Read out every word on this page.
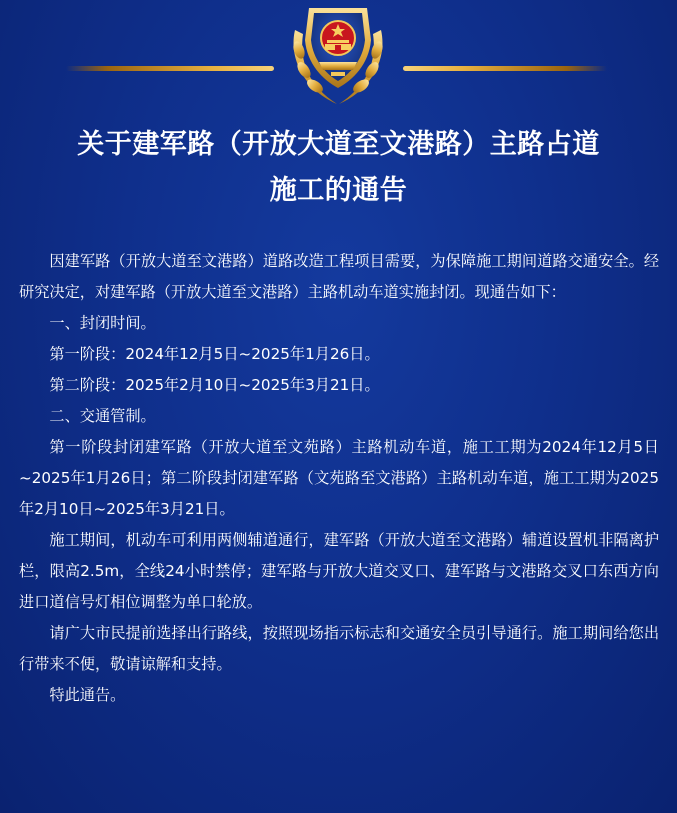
关于建军路（开放大道至文港路）主路占道
施工的通告

因建军路（开放大道至文港路）道路改造工程项目需要，为保障施工期间道路交通安全。经研究决定，对建军路（开放大道至文港路）主路机动车道实施封闭。现通告如下：

一、封闭时间。

第一阶段：2024年12月5日~2025年1月26日。

第二阶段：2025年2月10日~2025年3月21日。

二、交通管制。

第一阶段封闭建军路（开放大道至文苑路）主路机动车道，施工工期为2024年12月5日~2025年1月26日；第二阶段封闭建军路（文苑路至文港路）主路机动车道，施工工期为2025年2月10日~2025年3月21日。

施工期间，机动车可利用两侧辅道通行，建军路（开放大道至文港路）辅道设置机非隔离护栏，限高2.5m，全线24小时禁停；建军路与开放大道交叉口、建军路与文港路交叉口东西方向进口道信号灯相位调整为单口轮放。

请广大市民提前选择出行路线，按照现场指示标志和交通安全员引导通行。施工期间给您出行带来不便，敬请谅解和支持。

特此通告。
